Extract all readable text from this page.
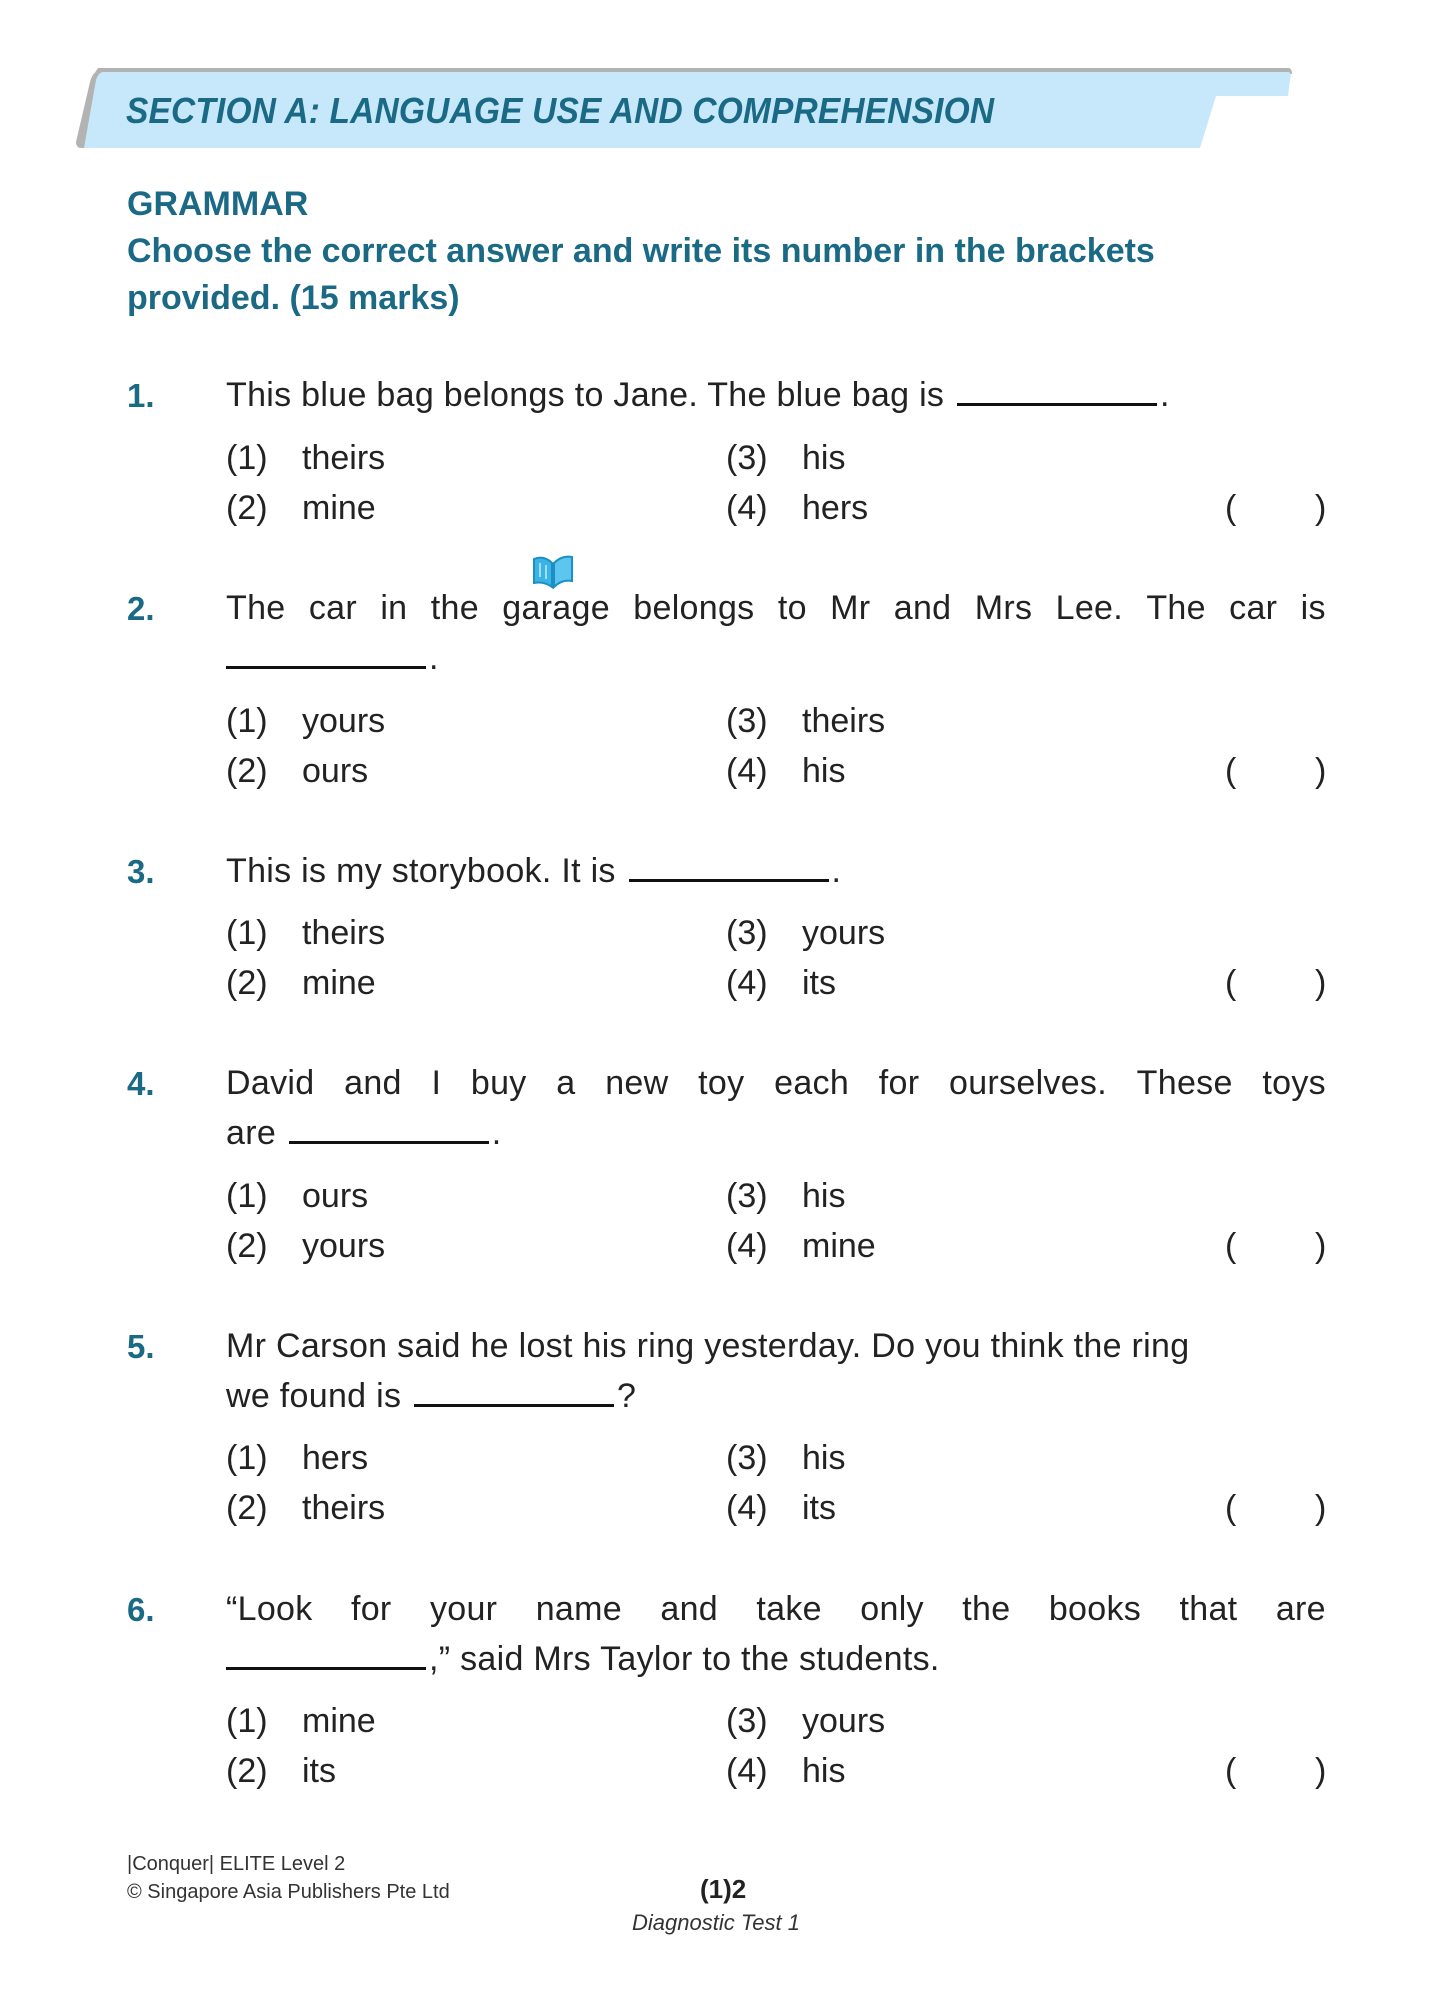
SECTION A: LANGUAGE USE AND COMPREHENSION
GRAMMAR
Choose the correct answer and write its number in the brackets
provided. (15 marks)
1. This blue bag belongs to Jane. The blue bag is	.
(1) theirs
(2) mine
(3) his
(4) hers	( )
2. The car in the garage belongs to Mr and Mrs Lee. The car is
.
(1) yours
(2) ours
(3) theirs
(4) his	( )
3. This is my storybook. It is	.
(1) theirs
(2) mine
(3) yours
(4) its	( )
4. David and I buy a new toy each for ourselves. These toys
are	.
(1) ours
(2) yours
(3) his
(4) mine	( )
5. Mr Carson said he lost his ring yesterday. Do you think the ring
we found is	?
(1) hers
(2) theirs
(3) his
(4) its	( )
6. “Look for your name and take only the books that are
,” said Mrs Taylor to the students.
(1) mine
(2) its
(3) yours
(4) his	( )
|Conquer| ELITE Level 2
© Singapore Asia Publishers Pte Ltd	(1)2
Diagnostic Test 1
